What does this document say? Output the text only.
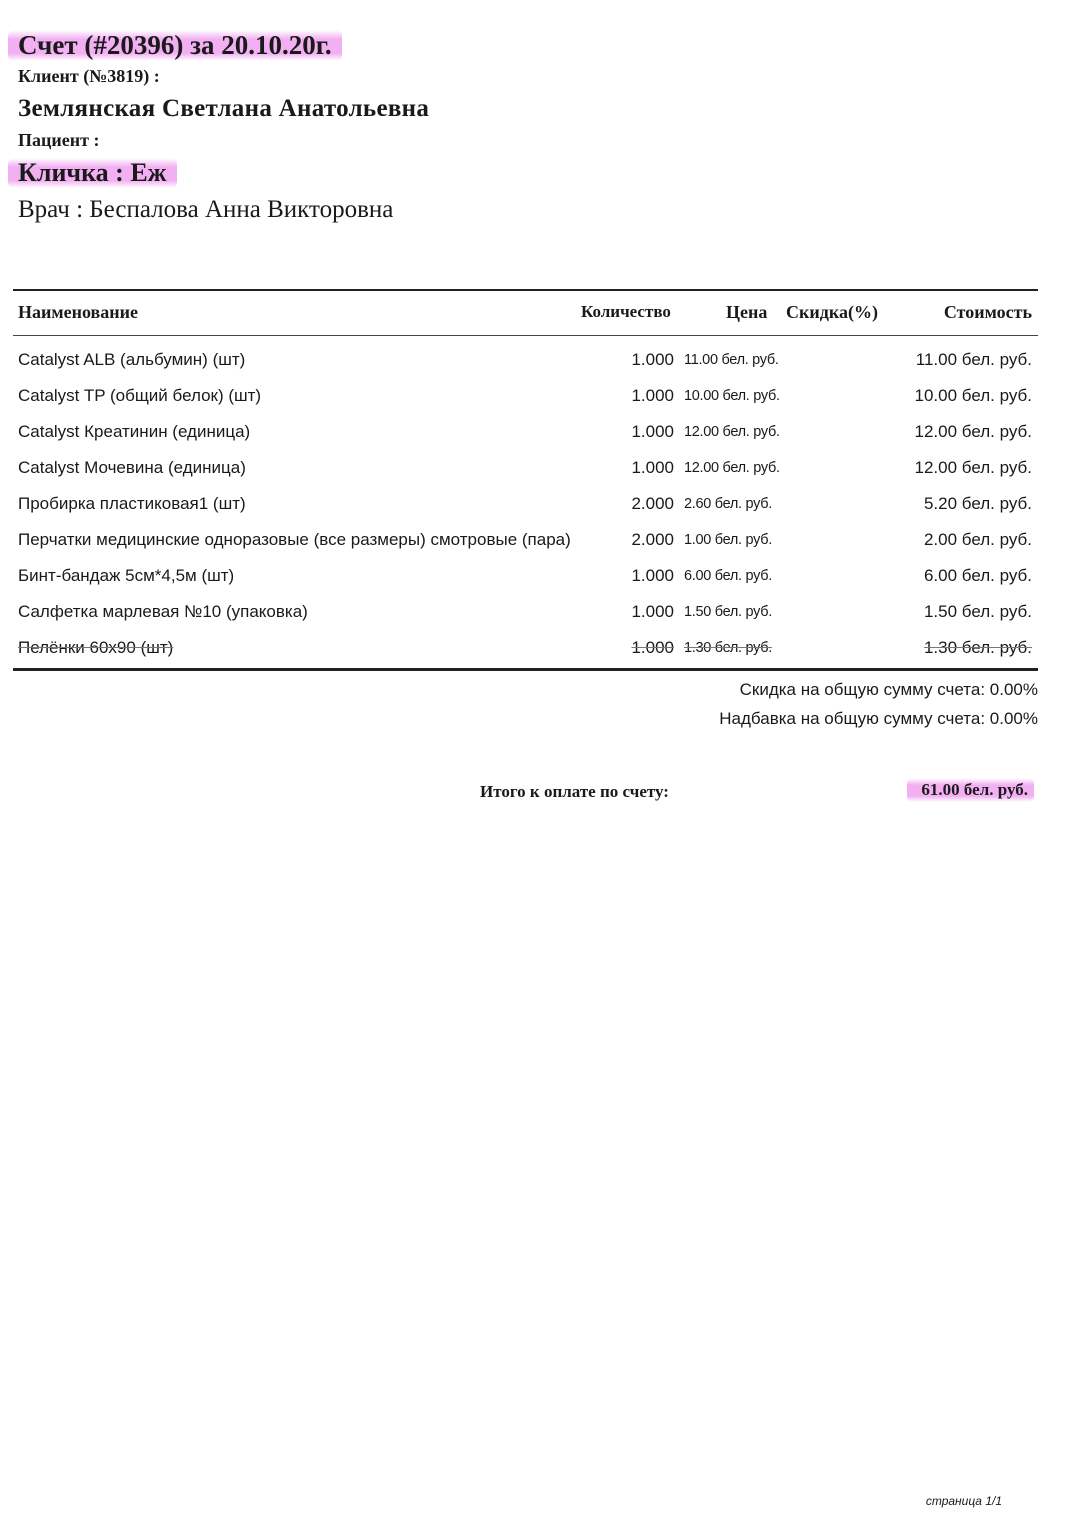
Счет (#20396) за 20.10.20г.
Клиент (№3819) :
Землянская Светлана Анатольевна
Пациент :
Кличка : Еж
Врач : Беспалова Анна Викторовна
Наименование	Количество	Цена Скидка(%)	Стоимость
Catalyst ALB (альбумин) (шт)	1.000 11.00 бел. руб.	11.00 бел. руб.
Catalyst TP (общий белок) (шт)	1.000 10.00 бел. руб.	10.00 бел. руб.
Catalyst Креатинин (единица)	1.000 12.00 бел. руб.	12.00 бел. руб.
Catalyst Мочевина (единица)	1.000 12.00 бел. руб.	12.00 бел. руб.
Пробирка пластиковая1 (шт)	2.000 2.60 бел. руб.	5.20 бел. руб.
Перчатки медицинские одноразовые (все размеры) смотровые (пара)	2.000 1.00 бел. руб.	2.00 бел. руб.
Бинт-бандаж 5см*4,5м (шт)	1.000 6.00 бел. руб.	6.00 бел. руб.
Салфетка марлевая №10 (упаковка)	1.000 1.50 бел. руб.	1.50 бел. руб.
Пелёнки 60x90 (шт)	1.000 1.30 бел. руб.	1.30 бел. руб.
Скидка на общую сумму счета: 0.00%
Надбавка на общую сумму счета: 0.00%
Итого к оплате по счету:	61.00 бел. руб.
страница 1/1
